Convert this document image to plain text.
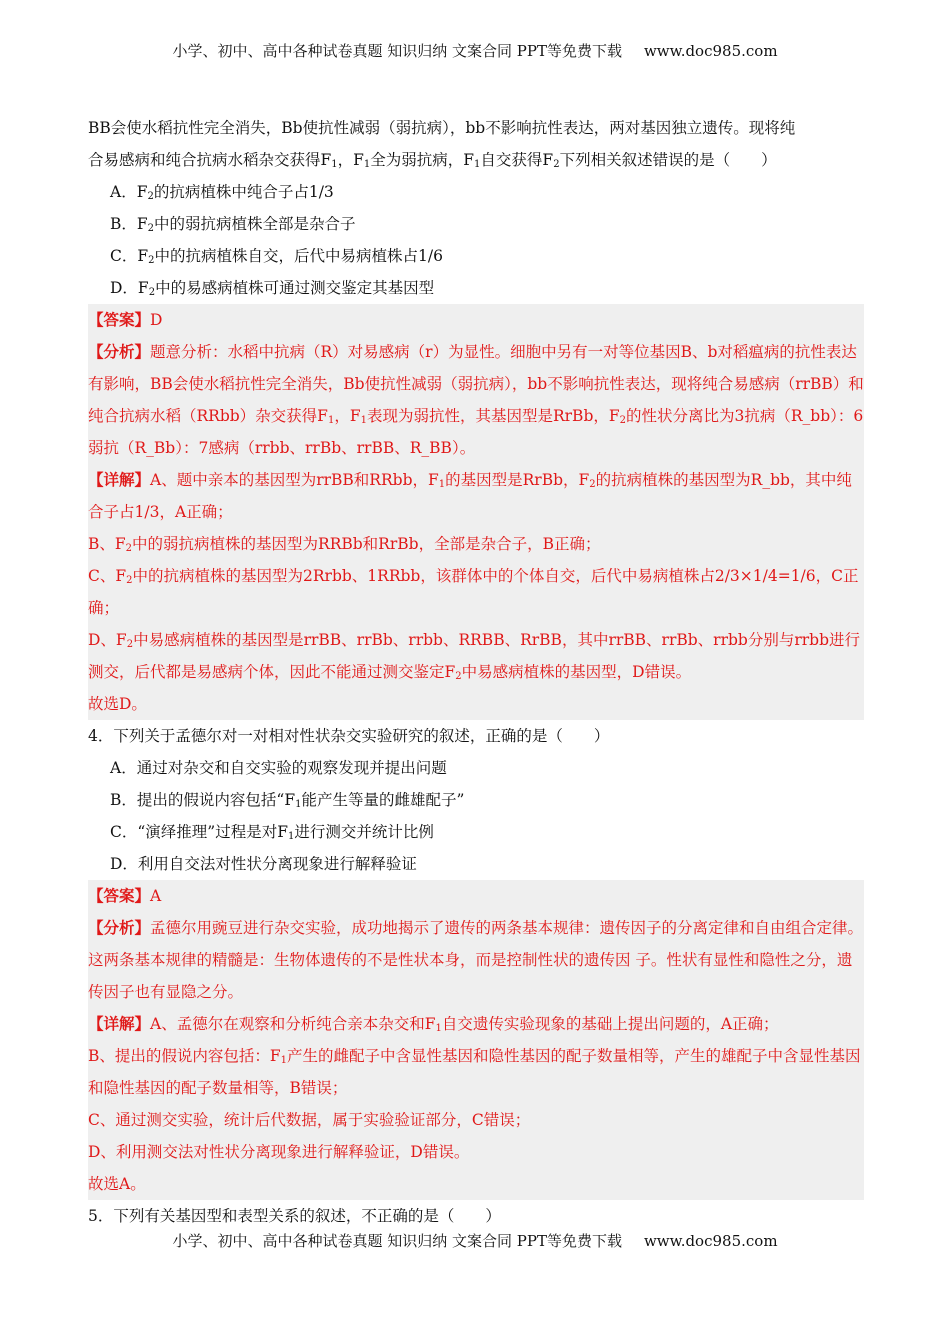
小学、初中、高中各种试卷真题 知识归纳 文案合同 PPT等免费下载 www.doc985.com

BB会使水稻抗性完全消失，Bb使抗性减弱（弱抗病），bb不影响抗性表达，两对基因独立遗传。现将纯

合易感病和纯合抗病水稻杂交获得$F_1$，$F_1$全为弱抗病，$F_1$自交获得$F_2$下列相关叙述错误的是（　　）

A．$F_2$的抗病植株中纯合子占1/3

B．$F_2$中的弱抗病植株全部是杂合子

C．$F_2$中的抗病植株自交，后代中易病植株占1/6

D．$F_2$中的易感病植株可通过测交鉴定其基因型

【答案】D

【分析】题意分析：水稻中抗病（R）对易感病（r）为显性。细胞中另有一对等位基因B、b对稻瘟病的抗性表达有影响，BB会使水稻抗性完全消失，Bb使抗性减弱（弱抗病），bb不影响抗性表达，现将纯合易感病（rrBB）和纯合抗病水稻（RRbb）杂交获得$F_1$，$F_1$表现为弱抗性，其基因型是RrBb，$F_2$的性状分离比为3抗病（R_bb）：6弱抗（R_Bb）：7感病（rrbb、rrBb、rrBB、R_BB）。

【详解】A、题中亲本的基因型为rrBB和RRbb，$F_1$的基因型是RrBb，$F_2$的抗病植株的基因型为R_bb，其中纯合子占1/3，A正确；

B、$F_2$中的弱抗病植株的基因型为RRBb和RrBb，全部是杂合子，B正确；

C、$F_2$中的抗病植株的基因型为2Rrbb、1RRbb，该群体中的个体自交，后代中易病植株占2/3×1/4=1/6，C正确；

D、$F_2$中易感病植株的基因型是rrBB、rrBb、rrbb、RRBB、RrBB，其中rrBB、rrBb、rrbb分别与rrbb进行测交，后代都是易感病个体，因此不能通过测交鉴定$F_2$中易感病植株的基因型，D错误。

故选D。

4．下列关于孟德尔对一对相对性状杂交实验研究的叙述，正确的是（　　）

A．通过对杂交和自交实验的观察发现并提出问题

B．提出的假说内容包括“$F_1$能产生等量的雌雄配子”

C．“演绎推理”过程是对$F_1$进行测交并统计比例

D．利用自交法对性状分离现象进行解释验证

【答案】A

【分析】孟德尔用豌豆进行杂交实验，成功地揭示了遗传的两条基本规律：遗传因子的分离定律和自由组合定律。这两条基本规律的精髓是：生物体遗传的不是性状本身，而是控制性状的遗传因 子。性状有显性和隐性之分，遗传因子也有显隐之分。

【详解】A、孟德尔在观察和分析纯合亲本杂交和$F_1$自交遗传实验现象的基础上提出问题的，A正确；

B、提出的假说内容包括：$F_1$产生的雌配子中含显性基因和隐性基因的配子数量相等，产生的雄配子中含显性基因和隐性基因的配子数量相等，B错误；

C、通过测交实验，统计后代数据，属于实验验证部分，C错误；

D、利用测交法对性状分离现象进行解释验证，D错误。

故选A。

5．下列有关基因型和表型关系的叙述，不正确的是（　　）

小学、初中、高中各种试卷真题 知识归纳 文案合同 PPT等免费下载 www.doc985.com
